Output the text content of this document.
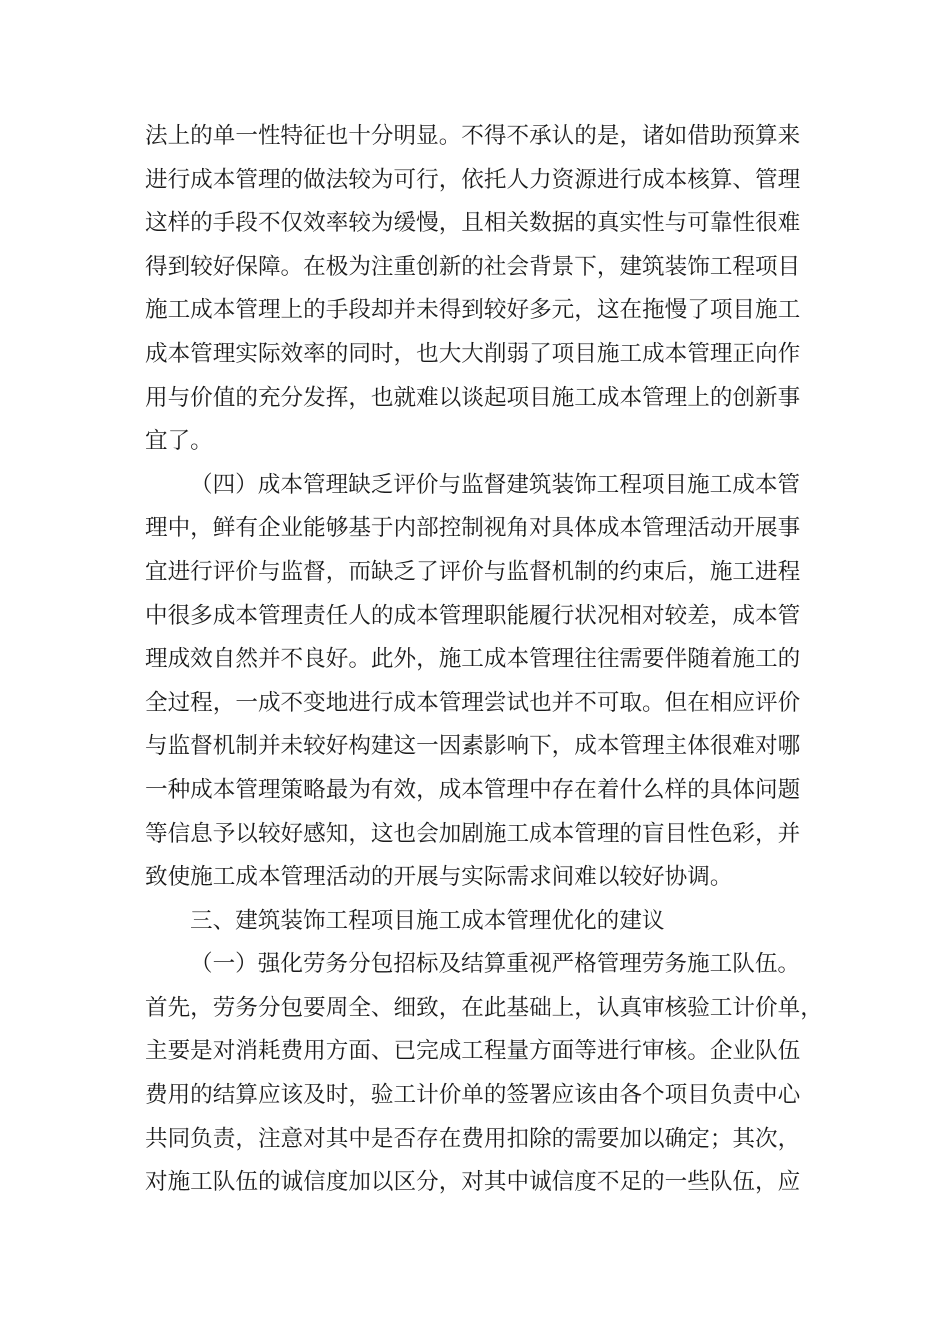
法上的单一性特征也十分明显。不得不承认的是，诸如借助预算来
进行成本管理的做法较为可行，依托人力资源进行成本核算、管理
这样的手段不仅效率较为缓慢，且相关数据的真实性与可靠性很难
得到较好保障。在极为注重创新的社会背景下，建筑装饰工程项目
施工成本管理上的手段却并未得到较好多元，这在拖慢了项目施工
成本管理实际效率的同时，也大大削弱了项目施工成本管理正向作
用与价值的充分发挥，也就难以谈起项目施工成本管理上的创新事
宜了。
（四）成本管理缺乏评价与监督建筑装饰工程项目施工成本管
理中，鲜有企业能够基于内部控制视角对具体成本管理活动开展事
宜进行评价与监督，而缺乏了评价与监督机制的约束后，施工进程
中很多成本管理责任人的成本管理职能履行状况相对较差，成本管
理成效自然并不良好。此外，施工成本管理往往需要伴随着施工的
全过程，一成不变地进行成本管理尝试也并不可取。但在相应评价
与监督机制并未较好构建这一因素影响下，成本管理主体很难对哪
一种成本管理策略最为有效，成本管理中存在着什么样的具体问题
等信息予以较好感知，这也会加剧施工成本管理的盲目性色彩，并
致使施工成本管理活动的开展与实际需求间难以较好协调。
三、建筑装饰工程项目施工成本管理优化的建议
（一）强化劳务分包招标及结算重视严格管理劳务施工队伍。
首先，劳务分包要周全、细致，在此基础上，认真审核验工计价单，
主要是对消耗费用方面、已完成工程量方面等进行审核。企业队伍
费用的结算应该及时，验工计价单的签署应该由各个项目负责中心
共同负责，注意对其中是否存在费用扣除的需要加以确定；其次，
对施工队伍的诚信度加以区分，对其中诚信度不足的一些队伍，应
